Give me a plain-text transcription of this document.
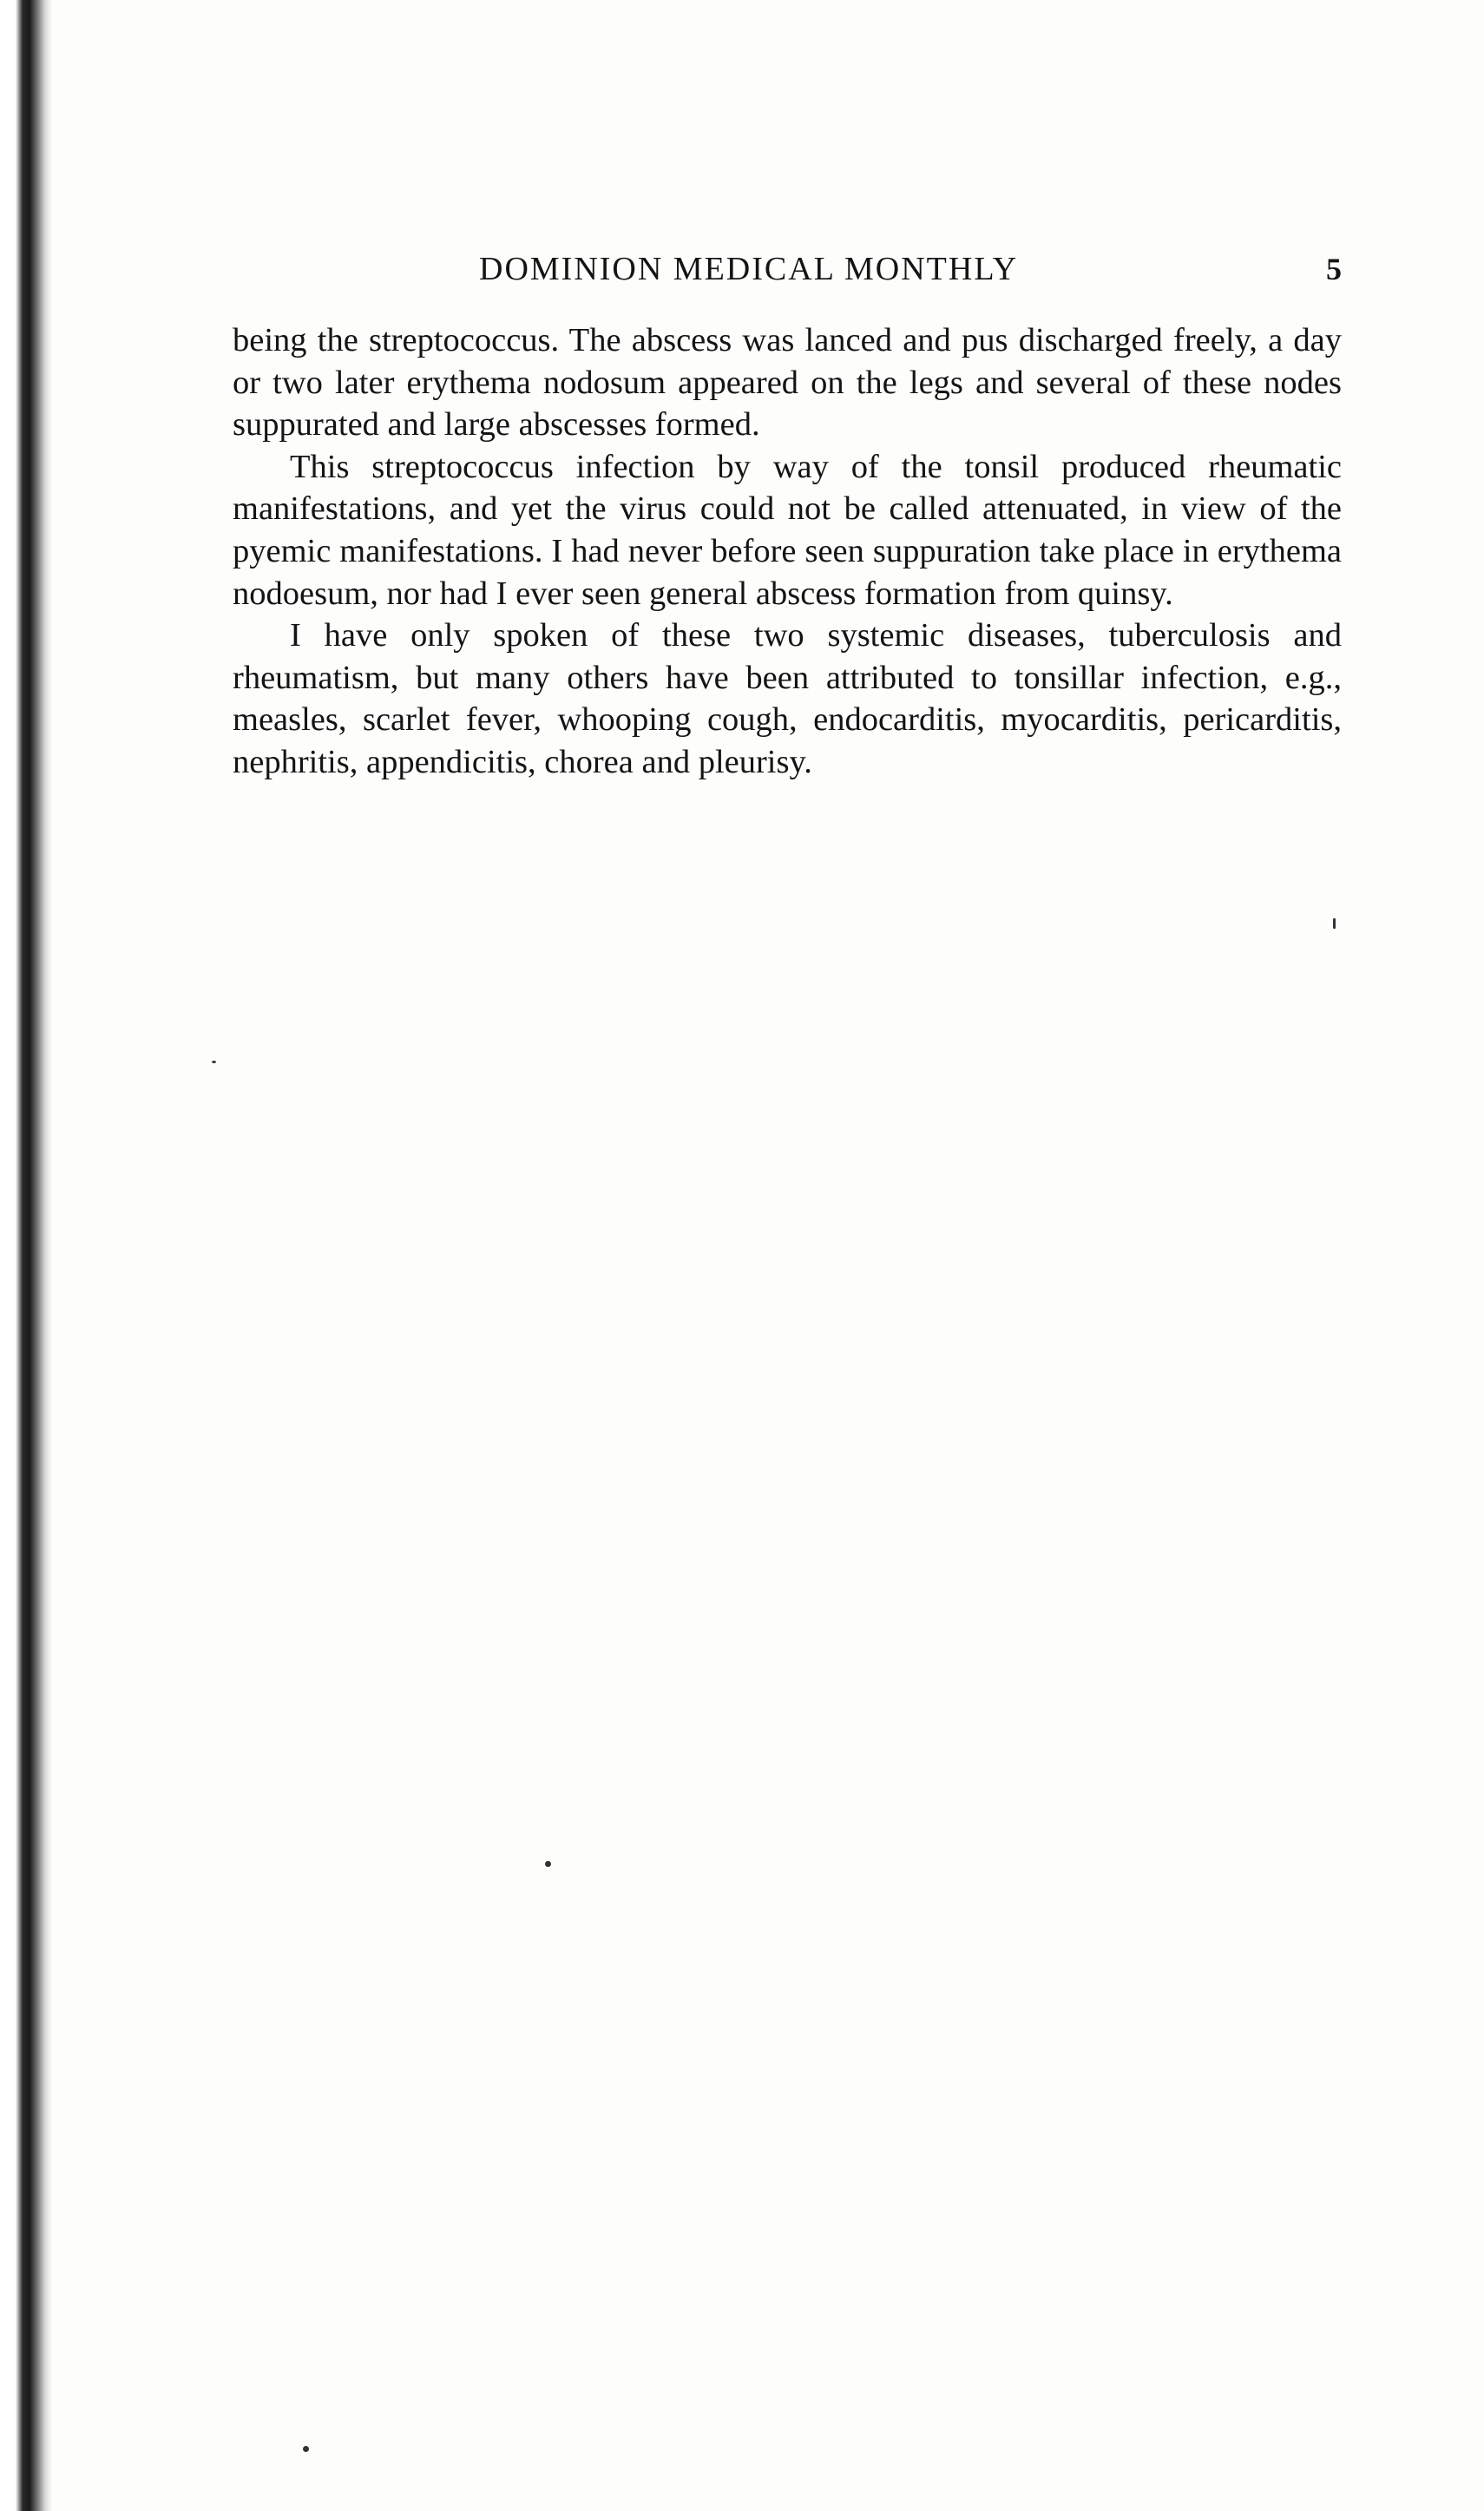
DOMINION MEDICAL MONTHLY	5

being the streptococcus. The abscess was lanced and pus discharged freely, a day or two later erythema nodosum appeared on the legs and several of these nodes suppurated and large abscesses formed.

This streptococcus infection by way of the tonsil produced rheumatic manifestations, and yet the virus could not be called attenuated, in view of the pyemic manifestations. I had never before seen suppuration take place in erythema nodoesum, nor had I ever seen general abscess formation from quinsy.

I have only spoken of these two systemic diseases, tuberculosis and rheumatism, but many others have been attributed to tonsillar infection, e.g., measles, scarlet fever, whooping cough, endocarditis, myocarditis, pericarditis, nephritis, appendicitis, chorea and pleurisy.
